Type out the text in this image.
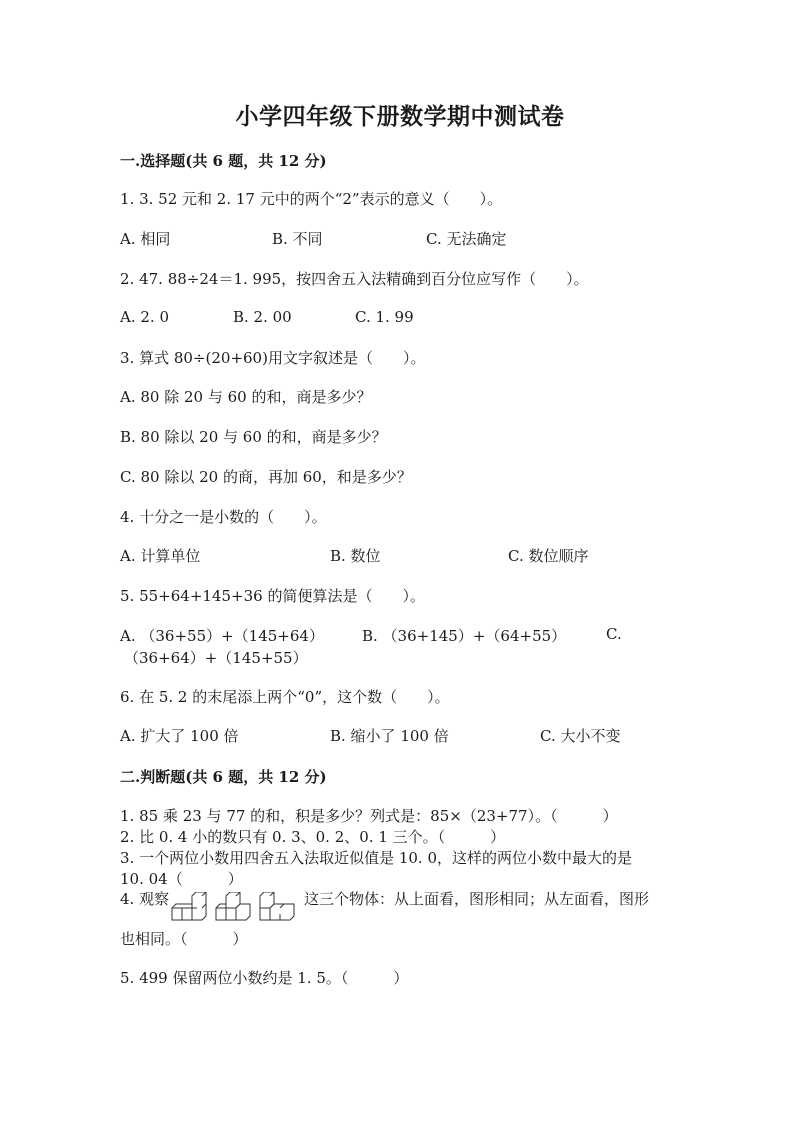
小学四年级下册数学期中测试卷
一.选择题(共 6 题，共 12 分)
1. 3. 52 元和 2. 17 元中的两个“2”表示的意义（　　）。
A. 相同	B. 不同	C. 无法确定
2. 47. 88÷24＝1. 995，按四舍五入法精确到百分位应写作（　　）。
A. 2. 0	B. 2. 00	C. 1. 99
3. 算式 80÷(20+60)用文字叙述是（　　）。
A. 80 除 20 与 60 的和，商是多少？
B. 80 除以 20 与 60 的和，商是多少？
C. 80 除以 20 的商，再加 60，和是多少？
4. 十分之一是小数的（　　）。
A. 计算单位	B. 数位	C. 数位顺序
5. 55+64+145+36 的简便算法是（　　）。
A. （36+55）+（145+64）	B. （36+145）+（64+55）	C.
（36+64）+（145+55）
6. 在 5. 2 的末尾添上两个“0”，这个数（　　）。
A. 扩大了 100 倍	B. 缩小了 100 倍	C. 大小不变
二.判断题(共 6 题，共 12 分)
1. 85 乘 23 与 77 的和，积是多少？列式是：85×（23+77）。（　　　）
2. 比 0. 4 小的数只有 0. 3、0. 2、0. 1 三个。（　　　）
3. 一个两位小数用四舍五入法取近似值是 10. 0，这样的两位小数中最大的是
10. 04（　　　）
4. 观察	这三个物体：从上面看，图形相同；从左面看，图形
也相同。（　　　）
5. 499 保留两位小数约是 1. 5。（　　　）
